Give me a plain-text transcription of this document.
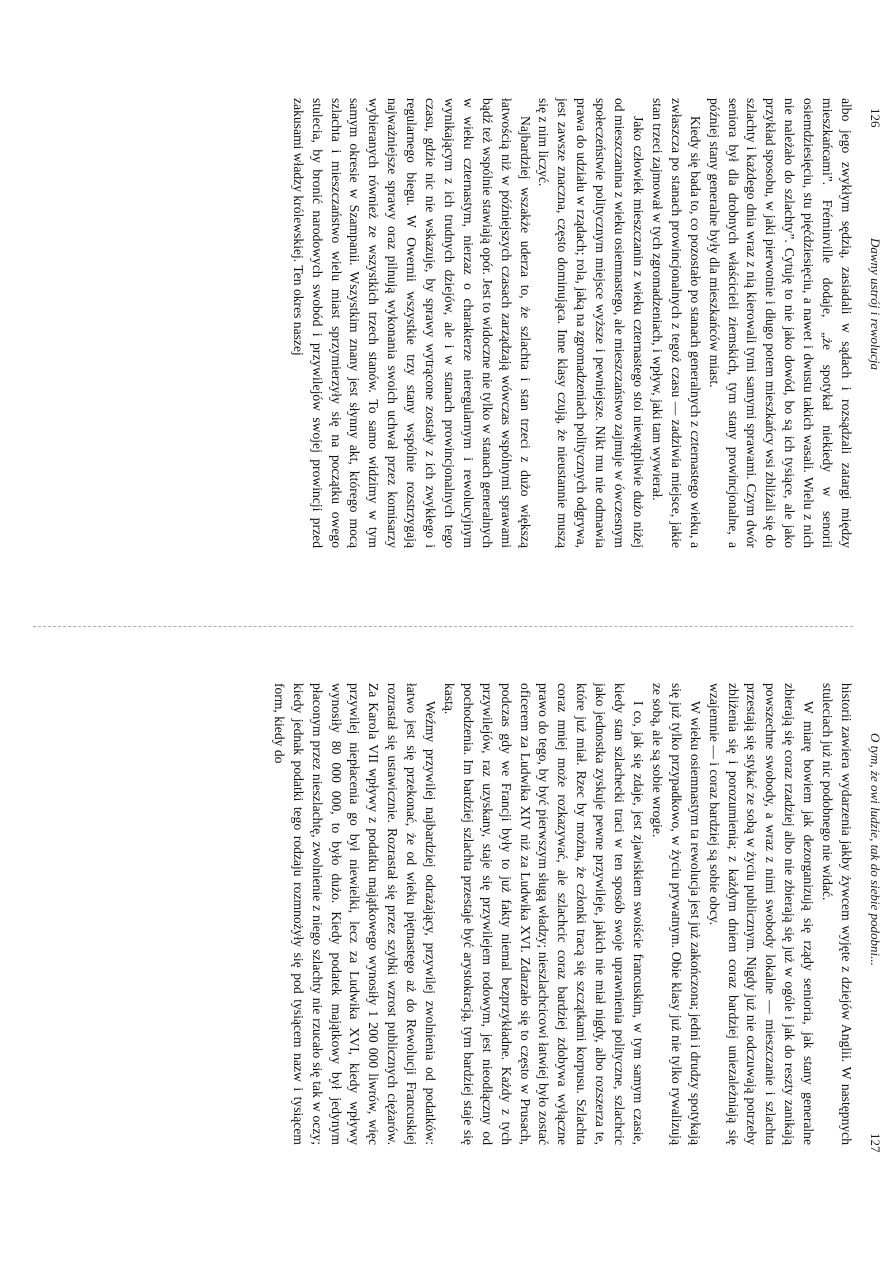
126
Dawny ustrój i rewolucja

albo jego zwykłym sędzią, zasiadali w sądach i rozsądzali zatargi między mieszkańcami”. Fréminville dodaje, „że spotykał niekiedy w senorii osiemdziesięciu, stu pięćdziesięciu, a nawet i dwustu takich wasali. Wielu z nich nie należało do szlachty”. Cytuję to nie jako dowód, bo są ich tysiące, ale jako przykład sposobu, w jaki pierwotnie i długo potem mieszkańcy wsi zbliżali się do szlachty i każdego dnia wraz z nią kierowali tymi samymi sprawami. Czym dwór seniora był dla drobnych właścicieli ziemskich, tym stany prowincjonalne, a później stany generalne były dla mieszkańców miast.

Kiedy się bada to, co pozostało po stanach generalnych z czternastego wieku, a zwłaszcza po stanach prowincjonalnych z tegoż czasu — zadziwia miejsce, jakie stan trzeci zajmował w tych zgromadzeniach, i wpływ, jaki tam wywierał.

Jako człowiek mieszczanin z wieku czternastego stoi niewątpliwie dużo niżej od mieszczanina z wieku osiemnastego, ale mieszczaństwo zajmuje w ówczesnym społeczeństwie politycznym miejsce wyższe i pewniejsze. Nikt mu nie odmawia prawa do udziału w rządach; rola, jaką na zgromadzeniach politycznych odgrywa, jest zawsze znaczna, często dominująca. Inne klasy czują, że nieustannie muszą się z nim liczyć.

Najbardziej wszakże uderza to, że szlachta i stan trzeci z dużo większą łatwością niż w późniejszych czasach zarządzają wówczas wspólnymi sprawami bądź też wspólnie stawiają opór. Jest to widoczne nie tylko w stanach generalnych w wieku czternastym, nierzaz o charakterze nieregularnym i rewolucyjnym wynikającym z ich trudnych dziejów, ale i w stanach prowincjonalnych tego czasu, gdzie nic nie wskazuje, by sprawy wytrącone zostały z ich zwykłego i regularnego biegu. W Owernii wszystkie trzy stany wspólnie rozstrzygają najważniejsze sprawy oraz pilnują wykonania swoich uchwał przez komisarzy wybieranych również ze wszystkich trzech stanów. To samo widzimy w tym samym okresie w Szampanii. Wszystkim znany jest słynny akt, którego mocą szlachta i mieszczaństwo wielu miast sprzymierzyły się na początku owego stulecia, by bronić narodowych swobód i przywilejów swojej prowincji przed zakusami władzy królewskiej. Ten okres naszej

O tym, że owi ludzie, tak do siebie podobni...
127

historii zawiera wydarzenia jakby żywcem wyjęte z dziejów Anglii. W następnych stuleciach już nic podobnego nie widać.

W miarę bowiem jak dezorganizują się rządy senioria, jak stany generalne zbierają się coraz rzadziej albo nie zbierają się już w ogóle i jak do reszty zanikają powszechne swobody, a wraz z nimi swobody lokalne — mieszczanie i szlachta przestają się stykać ze sobą w życiu publicznym. Nigdy już nie odczuwają potrzeby zbliżenia się i porozumienia; z każdym dniem coraz bardziej uniezależniają się wzajemnie — i coraz bardziej są sobie obcy.

W wieku osiemnastym ta rewolucja jest już zakończona; jedni i drudzy spotykają się już tylko przypadkowo, w życiu prywatnym. Obie klasy już nie tylko rywalizują ze sobą, ale są sobie wrogie.

I co, jak się zdaje, jest zjawiskiem swoiście francuskim, w tym samym czasie, kiedy stan szlachecki traci w ten sposób swoje uprawnienia polityczne, szlachcic jako jednostka zyskuje pewne przywileje, jakich nie miał nigdy, albo rozszerza te, które już miał. Rzec by można, że członki tracą się szczątkami korpusu. Szlachta coraz mniej może rozkazywać, ale szlachcic coraz bardziej zdobywa wyłączne prawo do tego, by być pierwszym sługą władzy; nieszlachcicowi łatwiej było zostać oficerem za Ludwika XIV niż za Ludwika XVI. Zdarzało się to często w Prusach, podczas gdy we Francji były to już fakty niemal bezprzykładne. Każdy z tych przywilejów, raz uzyskany, staje się przywilejem rodowym, jest nieodłączny od pochodzenia. Im bardziej szlachta przestaje być arystokracją, tym bardziej staje się kastą.

Weźmy przywilej najbardziej odrażający, przywilej zwolnienia od podatków: łatwo jest się przekonać, że od wieku piętnastego aż do Rewolucji Francuskiej rozrastał się ustawicznie. Rozrastał się przez szybki wzrost publicznych ciężarów. Za Karola VII wpływy z podatku majątkowego wynosiły 1 200 000 liwrów, więc przywilej niepłacenia go był niewielki, lecz za Ludwika XVI, kiedy wpływy wynosiły 80 000 000, to było dużo. Kiedy podatek majątkowy był jedynym płaconym przez nieszlachtę, zwolnienie z niego szlachty nie rzucało się tak w oczy; kiedy jednak podatki tego rodzaju rozmnożyły się pod tysiącem nazw i tysiącem form, kiedy do
